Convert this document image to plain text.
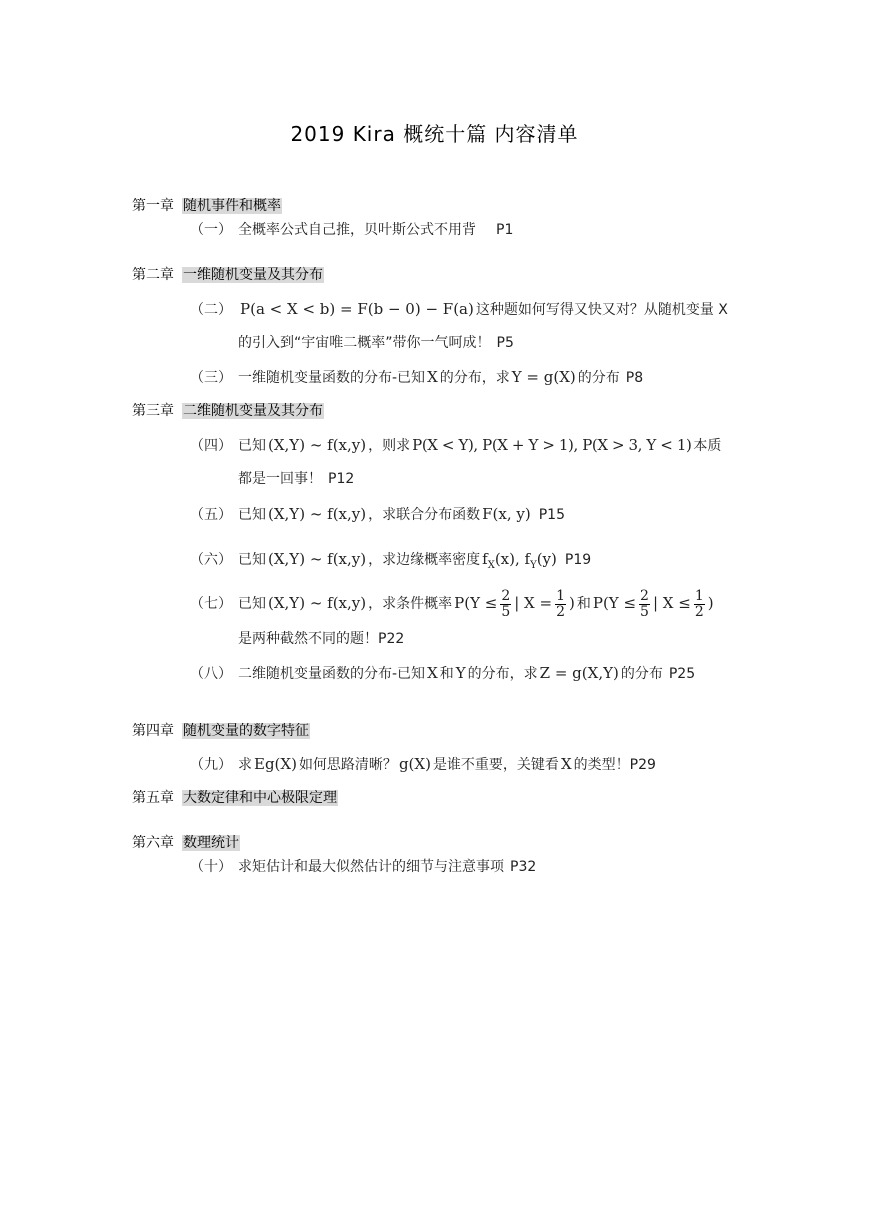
2019 Kira 概统十篇 内容清单
第一章 随机事件和概率
（一） 全概率公式自己推，贝叶斯公式不用背 P1
第二章 一维随机变量及其分布
（二） P(a < X < b) = F(b − 0) − F(a) 这种题如何写得又快又对？从随机变量 X
的引入到“宇宙唯二概率”带你一气呵成！ P5
（三） 一维随机变量函数的分布-已知 X 的分布，求 Y = g(X) 的分布 P8
第三章 二维随机变量及其分布
（四） 已知 (X,Y) ~ f(x,y) ，则求 P(X < Y), P(X + Y > 1), P(X > 3, Y < 1) 本质
都是一回事！ P12
（五） 已知 (X,Y) ~ f(x,y) ，求联合分布函数 F(x, y) P15
（六） 已知 (X,Y) ~ f(x,y) ，求边缘概率密度 $f_X(x)$, $f_Y(y)$ P19
（七） 已知 (X,Y) ~ f(x,y) ，求条件概率 $P(Y \le \frac{2}{5}$ | $X = \frac{1}{2}$ ) 和 $P(Y \le \frac{2}{5}$ | $X \le \frac{1}{2}$ )
是两种截然不同的题！P22
（八） 二维随机变量函数的分布-已知 X 和 Y 的分布，求 Z = g(X,Y) 的分布 P25
第四章 随机变量的数字特征
（九） 求 Eg(X) 如何思路清晰？ g(X) 是谁不重要，关键看 X 的类型！P29
第五章 大数定律和中心极限定理
第六章 数理统计
（十） 求矩估计和最大似然估计的细节与注意事项 P32
